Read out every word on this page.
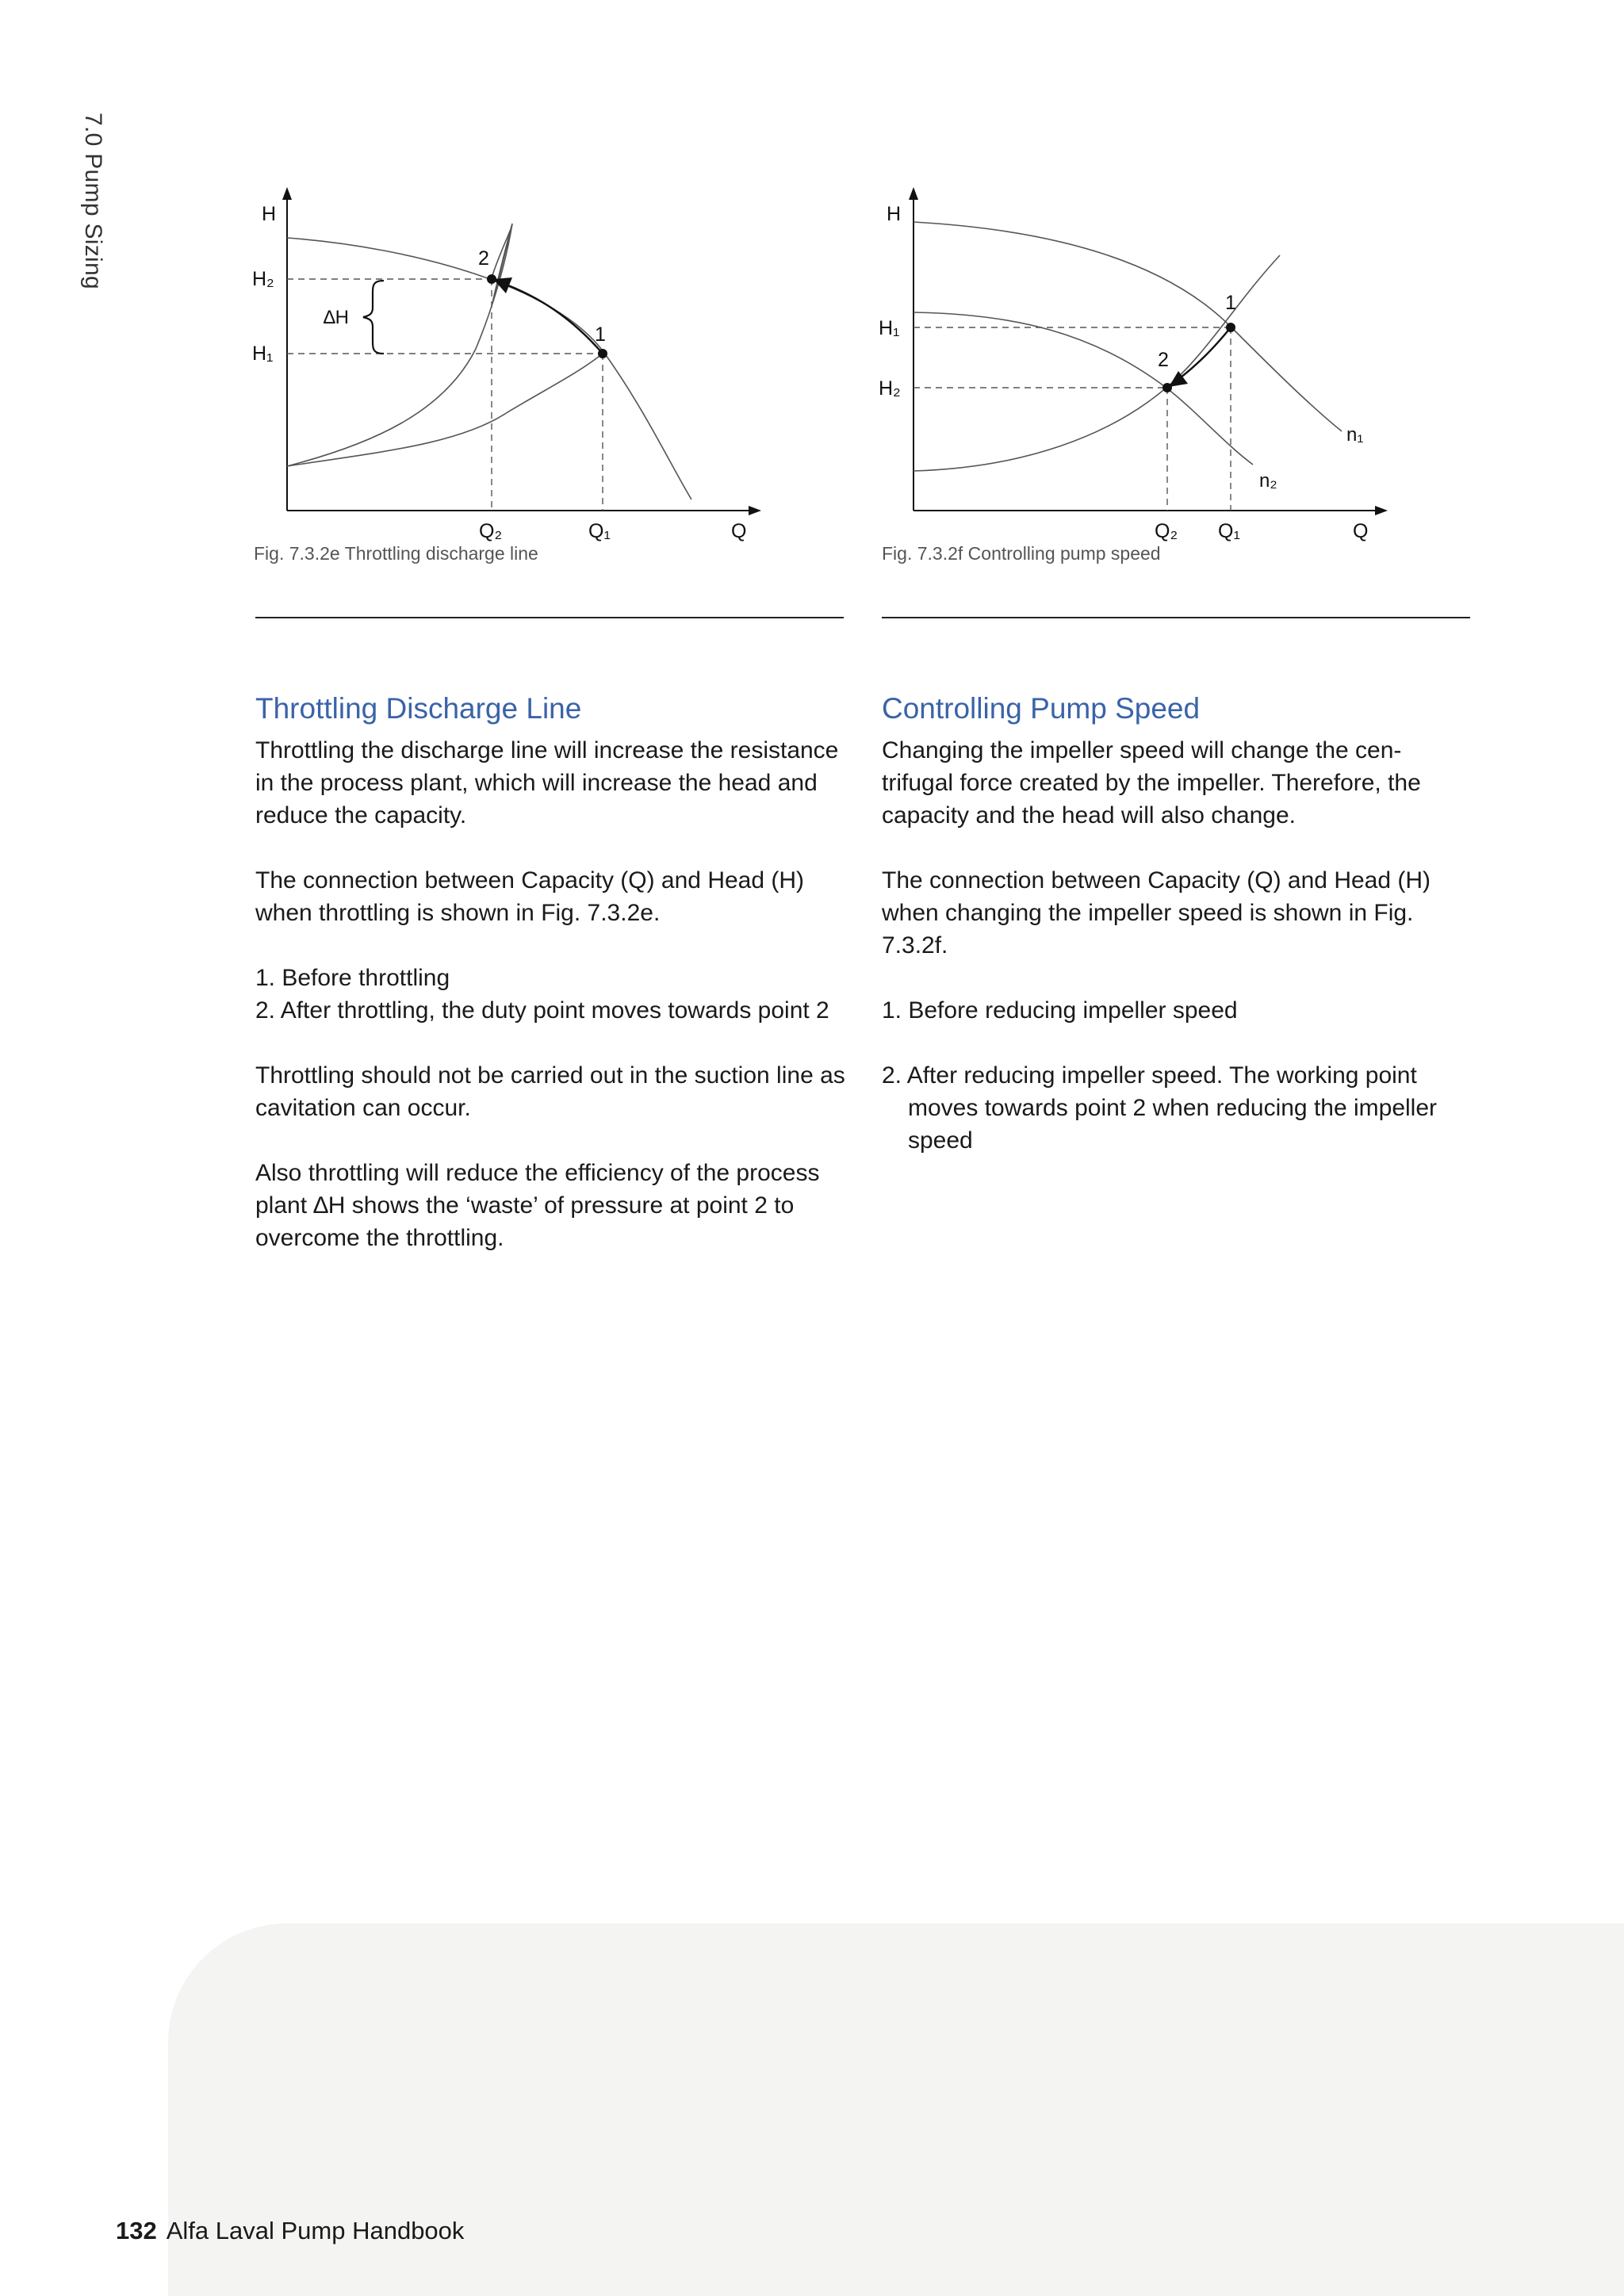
7.0 Pump Sizing	H
Q
H₂
H₁
Q₂	Q₁
∆H
2
1
Fig. 7.3.2e Throttling discharge line
H
Q
H₁
H₂
Q₂ Q₁
1
2
n₁
n₂
Fig. 7.3.2f Controlling pump speed
Throttling Discharge Line

Throttling the discharge line will increase the resistance in the process plant, which will increase the head and reduce the capacity.

The connection between Capacity (Q) and Head (H) when throttling is shown in Fig. 7.3.2e.

1. Before throttling
2. After throttling, the duty point moves towards point 2

Throttling should not be carried out in the suction line as cavitation can occur.

Also throttling will reduce the efficiency of the process plant ∆H shows the ‘waste’ of pressure at point 2 to overcome the throttling.

Controlling Pump Speed

Changing the impeller speed will change the cen- trifugal force created by the impeller. Therefore, the capacity and the head will also change.

The connection between Capacity (Q) and Head (H) when changing the impeller speed is shown in Fig. 7.3.2f.

1. Before reducing impeller speed
2. After reducing impeller speed. The working point moves towards point 2 when reducing the impeller speed
132 Alfa Laval Pump Handbook
